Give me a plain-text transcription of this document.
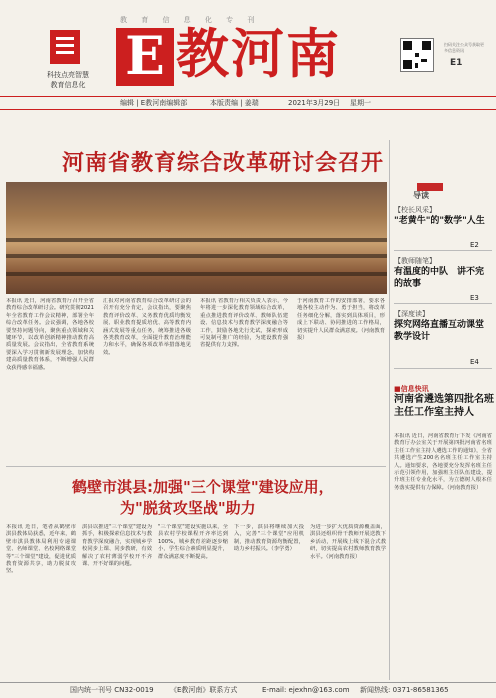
教 育 信 息 化 专 刊
科技点亮智慧
教育信息化 E 教河南	扫码关注公众号获取更多信息资讯
E1
编辑 | E教河南编辑部	本版责编 | 姜瑞	2021年3月29日 星期一
河南省教育综合改革研讨会召开
本报讯 近日，河南省教育厅召开全省教育综合改革研讨会。研究贯彻2021年全省教育工作会议精神，部署全年综合改革任务。会议强调，各地各校要坚持问题导向，聚焦重点领域和关键环节，以改革创新精神推动教育高质量发展。会议指出，全省教育系统要深入学习贯彻新发展理念，加快构建高质量教育体系，不断增强人民群众获得感幸福感。
汇报对河南省教育综合改革研讨会的召开有充分肯定，会议指出，要聚焦教育评价改革、义务教育优质均衡发展、职业教育提质培优、高等教育内涵式发展等重点任务，统筹推进各级各类教育改革，全面提升教育治理能力和水平，确保各项改革举措落地见效。
本报讯 省教育厅相关负责人表示，今年将进一步深化教育领域综合改革，重点推进教育评价改革、教师队伍建设、信息技术与教育教学深度融合等工作，鼓励各地先行先试，探索形成可复制可推广的经验，为建设教育强省提供有力支撑。
于河南教育工作的安排部署，要求各地各校主动作为、勇于担当，将改革任务细化分解，落实到具体项目，形成上下联动、协同推进的工作格局，切实提升人民群众满意度。（河南教育报）
导读
【校长风采】
"老黄牛"的"数学"人生
E2
【教师随笔】
有温度的中队　讲不完的故事
E3
【深度读】
探究网络直播互动课堂教学设计
E4
■信息快讯
河南省遴选第四批名班主任工作室主持人
本报讯 近日，河南省教育厅下发《河南省教育厅办公室关于开展第四批河南省名班主任工作室主持人遴选工作的通知》，全省共遴选产生200名名班主任工作室主持人。通知要求，各地要充分发挥名班主任示范引领作用，加强班主任队伍建设，提升班主任专业化水平，为立德树人根本任务落实提供有力保障。（河南教育报）
鹤壁市淇县:加强"三个课堂"建设应用，
为"脱贫攻坚战"助力
本报讯 近日，笔者从鹤壁市淇县教体局获悉，近年来，鹤壁市淇县教体局利用专递课堂、名师课堂、名校网络课堂等"三个课堂"建设，促进优质教育资源共享，助力脱贫攻坚。
淇县以推进"三个课堂"建设为抓手，积极探索信息技术与教育教学深度融合，实现城乡学校同步上课、同步教研，有效解决了农村薄弱学校开不齐课、开不好课的问题。
"三个课堂"建设实施以来，全县农村学校课程开齐率达到100%，城乡教育差距逐步缩小，学生综合素质明显提升，群众满意度不断提高。
下一步，淇县将继续加大投入，完善"三个课堂"应用机制，推动教育资源均衡配置，助力乡村振兴。（李学勇）
为进一步扩大优质资源覆盖面，淇县还组织骨干教师开展送教下乡活动，开展线上线下混合式教研，切实提高农村教师教育教学水平。（河南教育报）
国内统一刊号 CN32-0019 《E教河南》联系方式	E-mail: ejexhn@163.com 新闻热线: 0371-86581365
